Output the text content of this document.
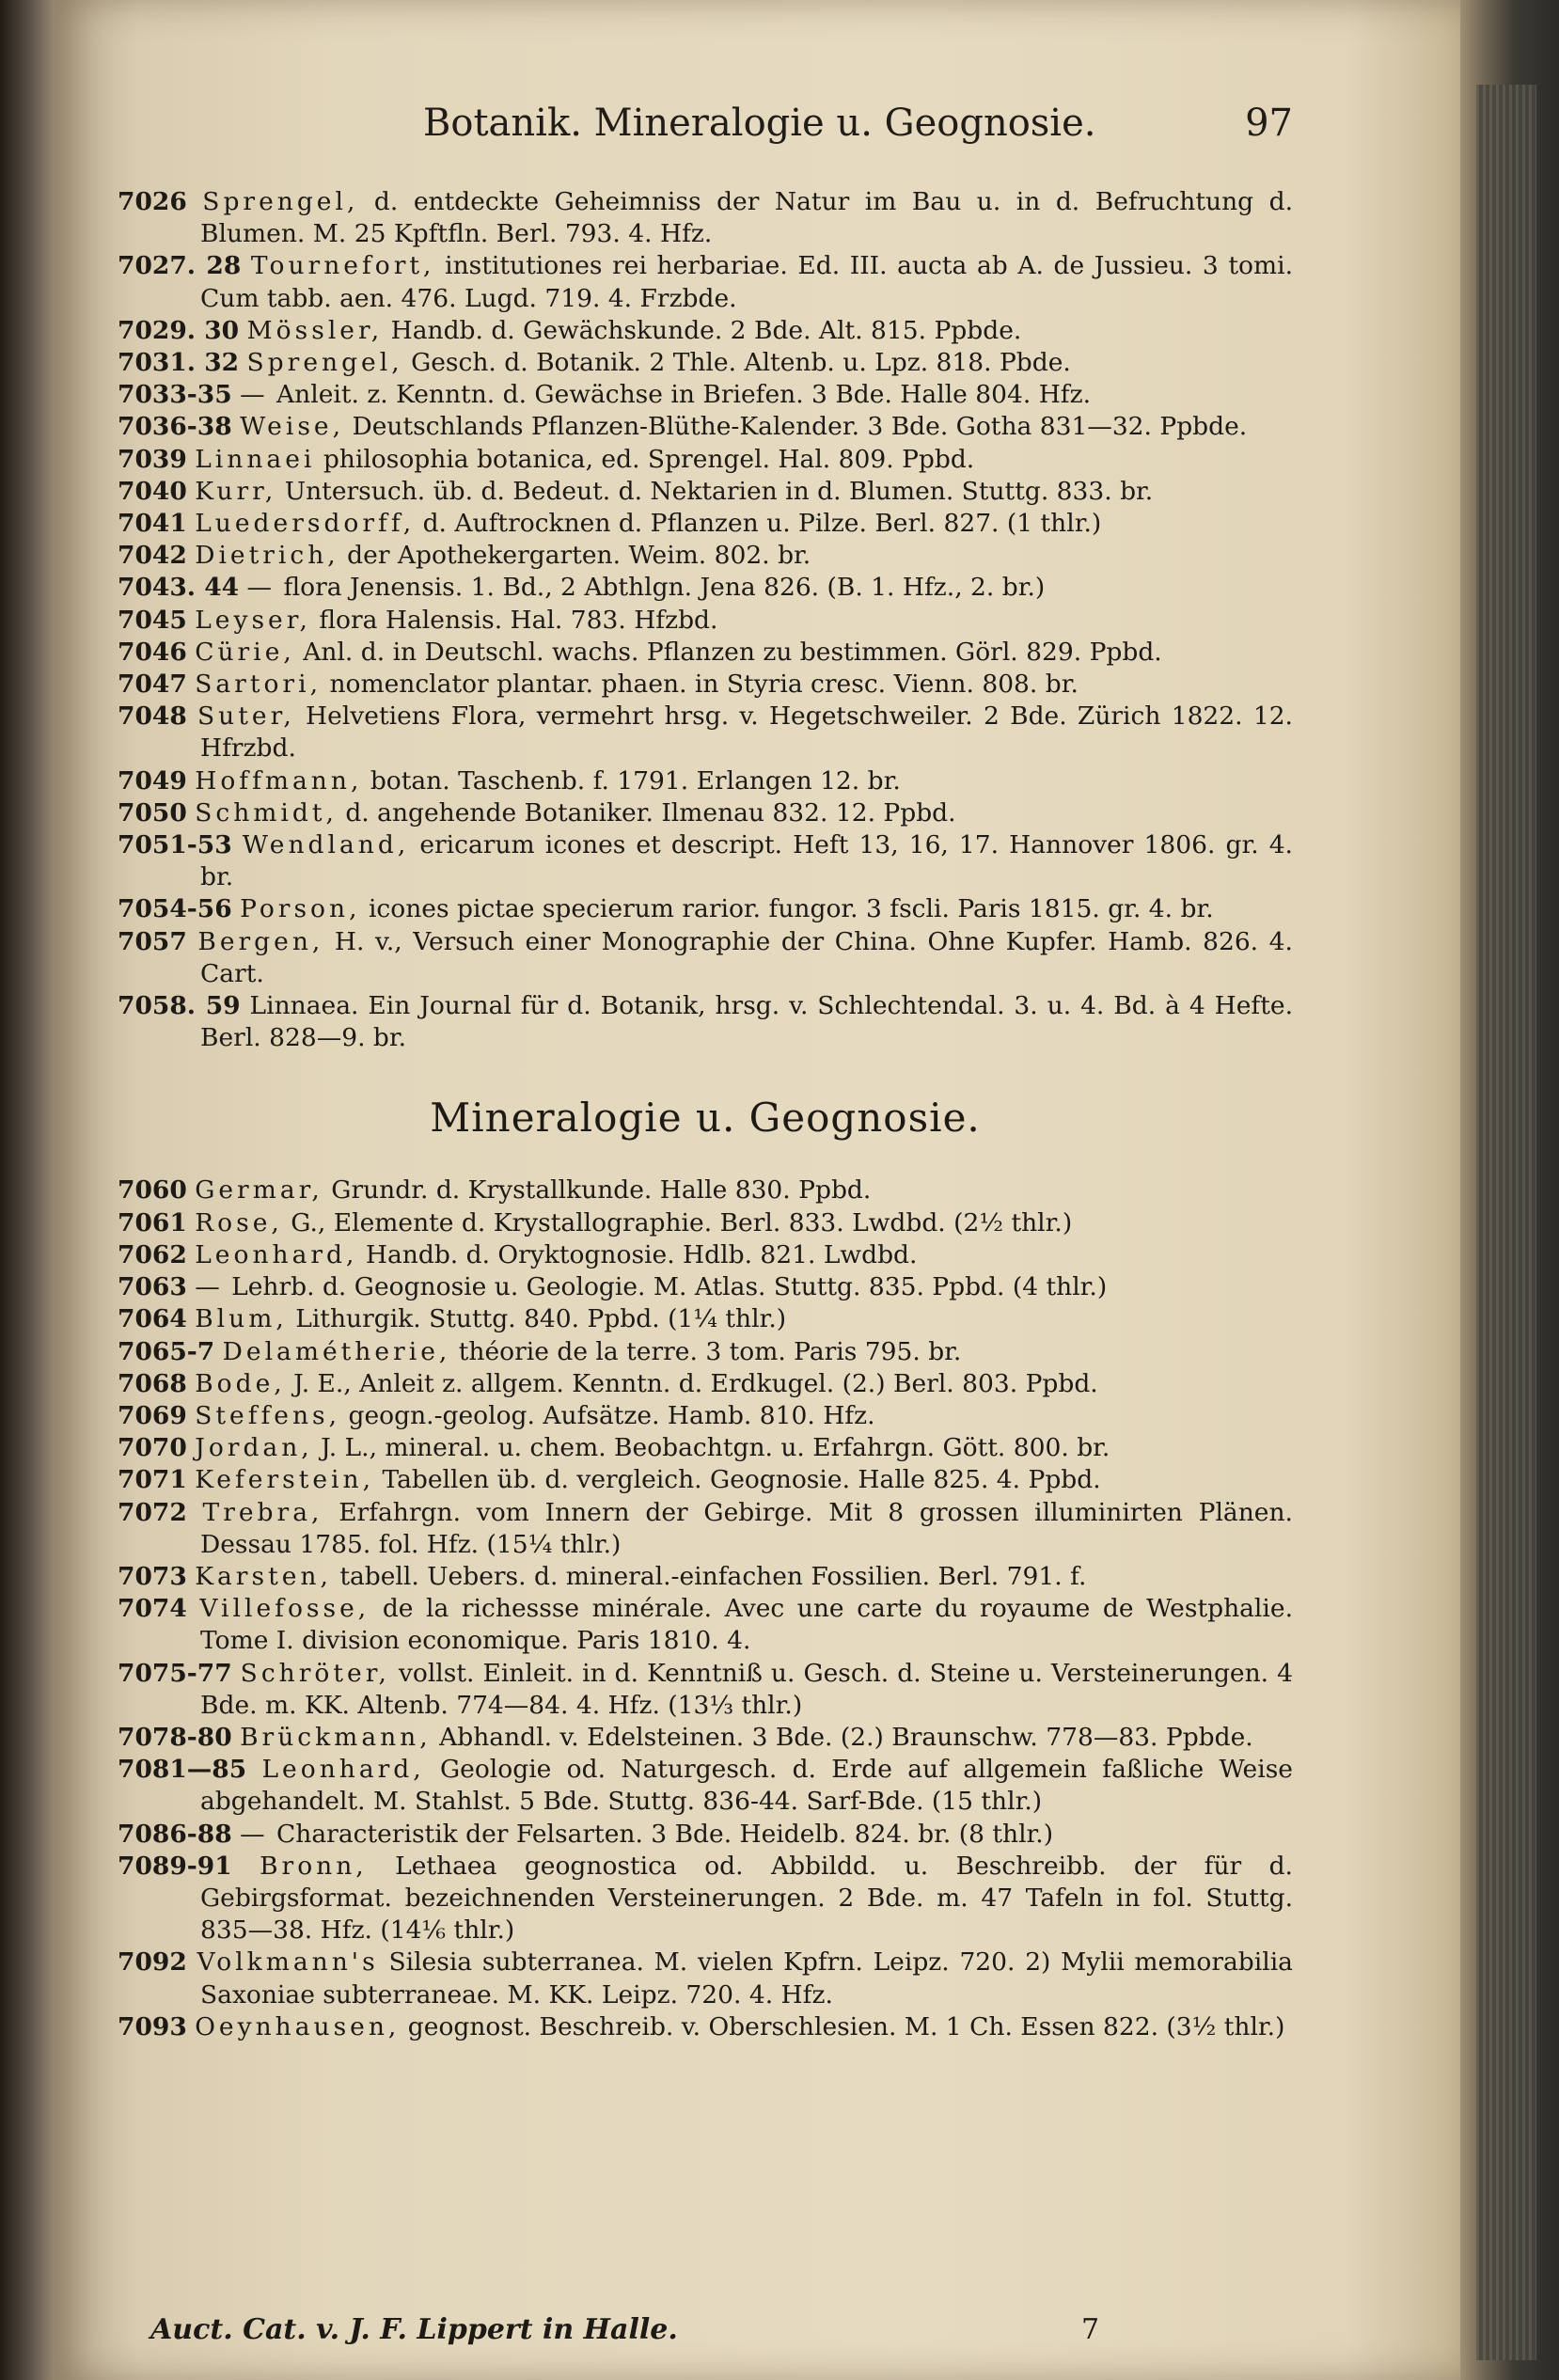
Botanik. Mineralogie u. Geognosie.	97

7026 Sprengel, d. entdeckte Geheimniss der Natur im Bau u. in d. Befruchtung d. Blumen. M. 25 Kpftfln. Berl. 793. 4. Hfz.

7027. 28 Tournefort, institutiones rei herbariae. Ed. III. aucta ab A. de Jussieu. 3 tomi. Cum tabb. aen. 476. Lugd. 719. 4. Frzbde.

7029. 30 Mössler, Handb. d. Gewächskunde. 2 Bde. Alt. 815. Ppbde.

7031. 32 Sprengel, Gesch. d. Botanik. 2 Thle. Altenb. u. Lpz. 818. Pbde.

7033-35 — Anleit. z. Kenntn. d. Gewächse in Briefen. 3 Bde. Halle 804. Hfz.

7036-38 Weise, Deutschlands Pflanzen-Blüthe-Kalender. 3 Bde. Gotha 831—32. Ppbde.

7039 Linnaei philosophia botanica, ed. Sprengel. Hal. 809. Ppbd.

7040 Kurr, Untersuch. üb. d. Bedeut. d. Nektarien in d. Blumen. Stuttg. 833. br.

7041 Luedersdorff, d. Auftrocknen d. Pflanzen u. Pilze. Berl. 827. (1 thlr.)

7042 Dietrich, der Apothekergarten. Weim. 802. br.

7043. 44 — flora Jenensis. 1. Bd., 2 Abthlgn. Jena 826. (B. 1. Hfz., 2. br.)

7045 Leyser, flora Halensis. Hal. 783. Hfzbd.

7046 Cürie, Anl. d. in Deutschl. wachs. Pflanzen zu bestimmen. Görl. 829. Ppbd.

7047 Sartori, nomenclator plantar. phaen. in Styria cresc. Vienn. 808. br.

7048 Suter, Helvetiens Flora, vermehrt hrsg. v. Hegetschweiler. 2 Bde. Zürich 1822. 12. Hfrzbd.

7049 Hoffmann, botan. Taschenb. f. 1791. Erlangen 12. br.

7050 Schmidt, d. angehende Botaniker. Ilmenau 832. 12. Ppbd.

7051-53 Wendland, ericarum icones et descript. Heft 13, 16, 17. Hannover 1806. gr. 4. br.

7054-56 Porson, icones pictae specierum rarior. fungor. 3 fscli. Paris 1815. gr. 4. br.

7057 Bergen, H. v., Versuch einer Monographie der China. Ohne Kupfer. Hamb. 826. 4. Cart.

7058. 59 Linnaea. Ein Journal für d. Botanik, hrsg. v. Schlechtendal. 3. u. 4. Bd. à 4 Hefte. Berl. 828—9. br.

Mineralogie u. Geognosie.

7060 Germar, Grundr. d. Krystallkunde. Halle 830. Ppbd.

7061 Rose, G., Elemente d. Krystallographie. Berl. 833. Lwdbd. (2½ thlr.)

7062 Leonhard, Handb. d. Oryktognosie. Hdlb. 821. Lwdbd.

7063 — Lehrb. d. Geognosie u. Geologie. M. Atlas. Stuttg. 835. Ppbd. (4 thlr.)

7064 Blum, Lithurgik. Stuttg. 840. Ppbd. (1¼ thlr.)

7065-7 Delamétherie, théorie de la terre. 3 tom. Paris 795. br.

7068 Bode, J. E., Anleit z. allgem. Kenntn. d. Erdkugel. (2.) Berl. 803. Ppbd.

7069 Steffens, geogn.-geolog. Aufsätze. Hamb. 810. Hfz.

7070 Jordan, J. L., mineral. u. chem. Beobachtgn. u. Erfahrgn. Gött. 800. br.

7071 Keferstein, Tabellen üb. d. vergleich. Geognosie. Halle 825. 4. Ppbd.

7072 Trebra, Erfahrgn. vom Innern der Gebirge. Mit 8 grossen illuminirten Plänen. Dessau 1785. fol. Hfz. (15¼ thlr.)

7073 Karsten, tabell. Uebers. d. mineral.-einfachen Fossilien. Berl. 791. f.

7074 Villefosse, de la richessse minérale. Avec une carte du royaume de Westphalie. Tome I. division economique. Paris 1810. 4.

7075-77 Schröter, vollst. Einleit. in d. Kenntniß u. Gesch. d. Steine u. Versteinerungen. 4 Bde. m. KK. Altenb. 774—84. 4. Hfz. (13⅓ thlr.)

7078-80 Brückmann, Abhandl. v. Edelsteinen. 3 Bde. (2.) Braunschw. 778—83. Ppbde.

7081—85 Leonhard, Geologie od. Naturgesch. d. Erde auf allgemein faßliche Weise abgehandelt. M. Stahlst. 5 Bde. Stuttg. 836-44. Sarf-Bde. (15 thlr.)

7086-88 — Characteristik der Felsarten. 3 Bde. Heidelb. 824. br. (8 thlr.)

7089-91 Bronn, Lethaea geognostica od. Abbildd. u. Beschreibb. der für d. Gebirgsformat. bezeichnenden Versteinerungen. 2 Bde. m. 47 Tafeln in fol. Stuttg. 835—38. Hfz. (14⅙ thlr.)

7092 Volkmann's Silesia subterranea. M. vielen Kpfrn. Leipz. 720. 2) Mylii memorabilia Saxoniae subterraneae. M. KK. Leipz. 720. 4. Hfz.

7093 Oeynhausen, geognost. Beschreib. v. Oberschlesien. M. 1 Ch. Essen 822. (3½ thlr.)

Auct. Cat. v. J. F. Lippert in Halle.	7
